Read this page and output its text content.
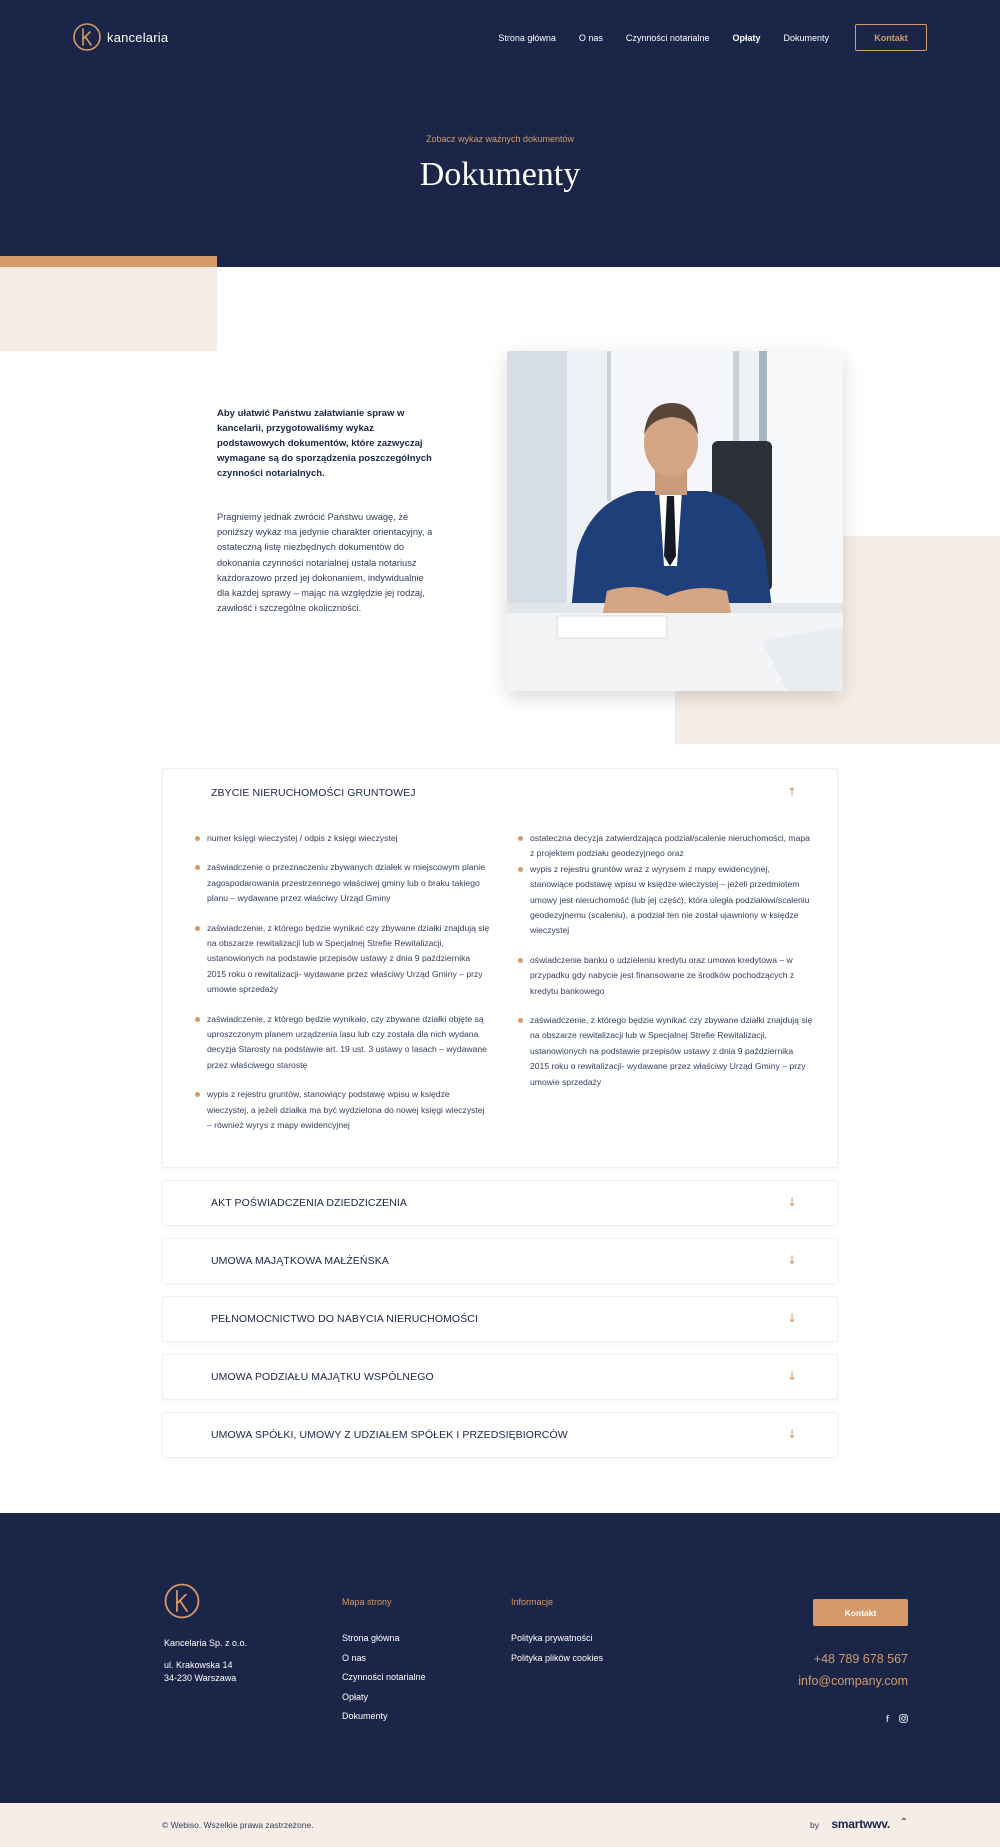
kancelaria	Strona główna	O nas	Czynności notarialne	Opłaty	Dokumenty	Kontakt
Zobacz wykaz ważnych dokumentów
Dokumenty

Aby ułatwić Państwu załatwianie spraw w kancelarii, przygotowaliśmy wykaz podstawowych dokumentów, które zazwyczaj wymagane są do sporządzenia poszczególnych czynności notarialnych.

Pragniemy jednak zwrócić Państwu uwagę, że poniższy wykaz ma jedynie charakter orientacyjny, a ostateczną listę niezbędnych dokumentów do dokonania czynności notarialnej ustala notariusz każdorazowo przed jej dokonaniem, indywidualnie dla każdej sprawy – mając na względzie jej rodzaj, zawiłość i szczególne okoliczności.

ZBYCIE NIERUCHOMOŚCI GRUNTOWEJ	↑
numer księgi wieczystej / odpis z księgi wieczystej
zaświadczenie o przeznaczeniu zbywanych działek w miejscowym planie zagospodarowania przestrzennego właściwej gminy lub o braku takiego planu – wydawane przez właściwy Urząd Gminy
zaświadczenie, z którego będzie wynikać czy zbywane działki znajdują się na obszarze rewitalizacji lub w Specjalnej Strefie Rewitalizacji, ustanowionych na podstawie przepisów ustawy z dnia 9 października 2015 roku o rewitalizacji- wydawane przez właściwy Urząd Gminy – przy umowie sprzedaży
zaświadczenie, z którego będzie wynikało, czy zbywane działki objęte są uproszczonym planem urządzenia lasu lub czy została dla nich wydana decyzja Starosty na podstawie art. 19 ust. 3 ustawy o lasach – wydawane przez właściwego starostę
wypis z rejestru gruntów, stanowiący podstawę wpisu w księdze wieczystej, a jeżeli działka ma być wydzielona do nowej księgi wieczystej – również wyrys z mapy ewidencyjnej
ostateczna decyzja zatwierdzająca podział/scalenie nieruchomości, mapa z projektem podziału geodezyjnego oraz
wypis z rejestru gruntów wraz z wyrysem z mapy ewidencyjnej, stanowiące podstawę wpisu w księdze wieczystej – jeżeli przedmiotem umowy jest nieruchomość (lub jej część), która uległa podziałowi/scaleniu geodezyjnemu (scaleniu), a podział ten nie został ujawniony w księdze wieczystej
oświadczenie banku o udzieleniu kredytu oraz umowa kredytowa – w przypadku gdy nabycie jest finansowane ze środków pochodzących z kredytu bankowego
zaświadczenie, z którego będzie wynikać czy zbywane działki znajdują się na obszarze rewitalizacji lub w Specjalnej Strefie Rewitalizacji, ustanowionych na podstawie przepisów ustawy z dnia 9 października 2015 roku o rewitalizacji- wydawane przez właściwy Urząd Gminy – przy umowie sprzedaży
AKT POŚWIADCZENIA DZIEDZICZENIA	↓
UMOWA MAJĄTKOWA MAŁŻEŃSKA	↓
PEŁNOMOCNICTWO DO NABYCIA NIERUCHOMOŚCI	↓
UMOWA PODZIAŁU MAJĄTKU WSPÓLNEGO	↓
UMOWA SPÓŁKI, UMOWY Z UDZIAŁEM SPÓŁEK I PRZEDSIĘBIORCÓW	↓
Kancelaria Sp. z o.o.
ul. Krakowska 14
34-230 Warszawa
Mapa strony
Strona główna
O nas
Czynności notarialne
Opłaty
Dokumenty
Informacje
Polityka prywatności
Polityka plików cookies
Kontakt
+48 789 678 567
info@company.com
f
© Webiso. Wszelkie prawa zastrzeżone.	by smartwwv. ⌃
